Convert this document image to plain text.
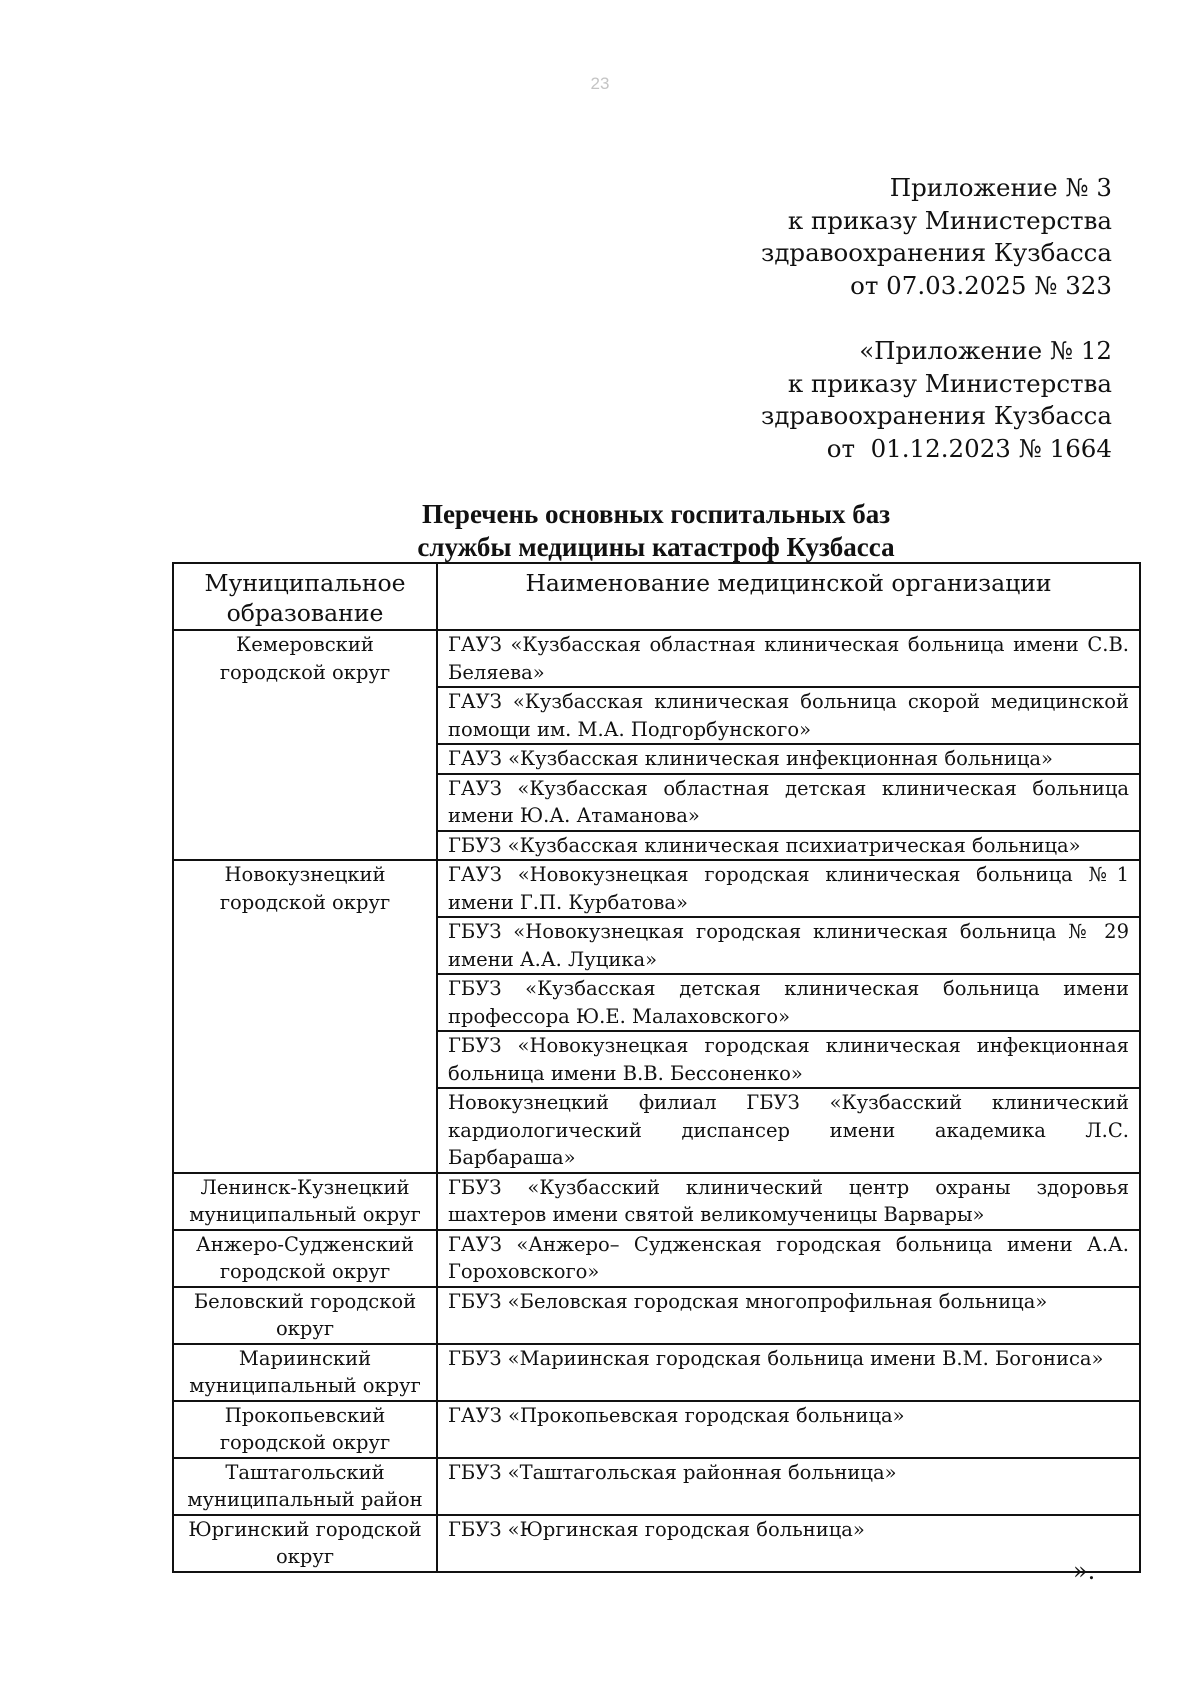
23
Приложение № 3
к приказу Министерства
здравоохранения Кузбасса
от 07.03.2025 № 323
«Приложение № 12
к приказу Министерства
здравоохранения Кузбасса
от  01.12.2023 № 1664
Перечень основных госпитальных баз
службы медицины катастроф Кузбасса
Муниципальное образование	Наименование медицинской организации
Кемеровский городской округ	ГАУЗ «Кузбасская областная клиническая больница имени С.В. Беляева»
	ГАУЗ «Кузбасская клиническая больница скорой медицинской помощи им. М.А. Подгорбунского»
	ГАУЗ «Кузбасская клиническая инфекционная больница»
	ГАУЗ «Кузбасская областная детская клиническая больница имени Ю.А. Атаманова»
	ГБУЗ «Кузбасская клиническая психиатрическая больница»
Новокузнецкий городской округ	ГАУЗ «Новокузнецкая городская клиническая больница №1 имени Г.П. Курбатова»
	ГБУЗ «Новокузнецкая городская клиническая больница № 29 имени А.А. Луцика»
	ГБУЗ «Кузбасская детская клиническая больница имени профессора Ю.Е. Малаховского»
	ГБУЗ «Новокузнецкая городская клиническая инфекционная больница имени В.В. Бессоненко»
	Новокузнецкий филиал ГБУЗ «Кузбасский клинический кардиологический диспансер имени академика Л.С. Барбараша»
Ленинск-Кузнецкий муниципальный округ	ГБУЗ «Кузбасский клинический центр охраны здоровья шахтеров имени святой великомученицы Варвары»
Анжеро-Судженский городской округ	ГАУЗ «Анжеро– Судженская городская больница имени А.А. Гороховского»
Беловский городской округ	ГБУЗ «Беловская городская многопрофильная больница»
Мариинский муниципальный округ	ГБУЗ «Мариинская городская больница имени В.М. Богониса»
Прокопьевский городской округ	ГАУЗ «Прокопьевская городская больница»
Таштагольский муниципальный район	ГБУЗ «Таштагольская районная больница»
Юргинский городской округ	ГБУЗ «Юргинская городская больница»
».
